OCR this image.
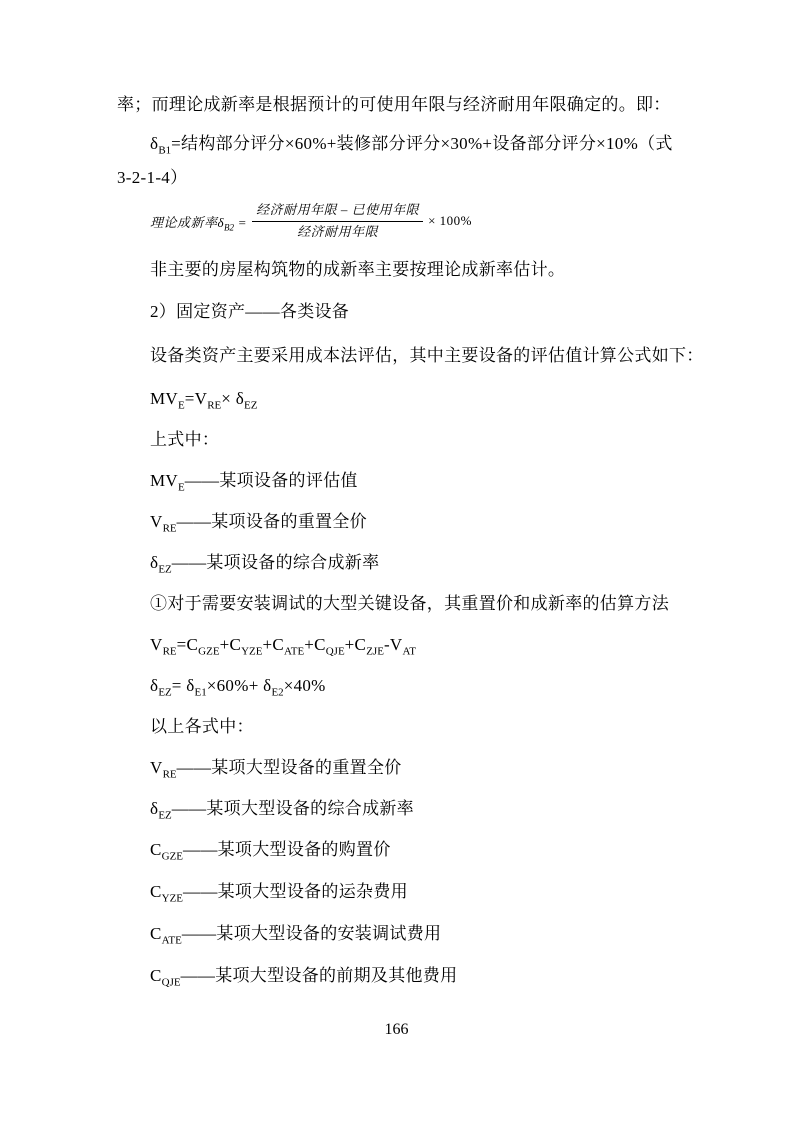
率；而理论成新率是根据预计的可使用年限与经济耐用年限确定的。即：
$\delta_{B1}=$结构部分评分×60%+装修部分评分×30%+设备部分评分×10%（式
3-2-1-4）
理论成新率$\delta_{B2} = \frac{\text{经济耐用年限 – 已使用年限}}{\text{经济耐用年限}} \times 100\%$
非主要的房屋构筑物的成新率主要按理论成新率估计。
2）固定资产——各类设备
设备类资产主要采用成本法评估，其中主要设备的评估值计算公式如下：
$MV_E=V_{RE}\times \delta_{EZ}$
上式中：
$MV_E——$某项设备的评估值
$V_{RE}——$某项设备的重置全价
$\delta_{EZ}——$某项设备的综合成新率
①对于需要安装调试的大型关键设备，其重置价和成新率的估算方法
$V_{RE}=C_{GZE}+C_{YZE}+C_{ATE}+C_{QJE}+C_{ZJE}-V_{AT}$
$\delta_{EZ}= \delta_{E1}\times 60\%+ \delta_{E2}\times 40\%$
以上各式中：
$V_{RE}——$某项大型设备的重置全价
$\delta_{EZ}——$某项大型设备的综合成新率
$C_{GZE}——$某项大型设备的购置价
$C_{YZE}——$某项大型设备的运杂费用
$C_{ATE}——$某项大型设备的安装调试费用
$C_{QJE}——$某项大型设备的前期及其他费用
166
